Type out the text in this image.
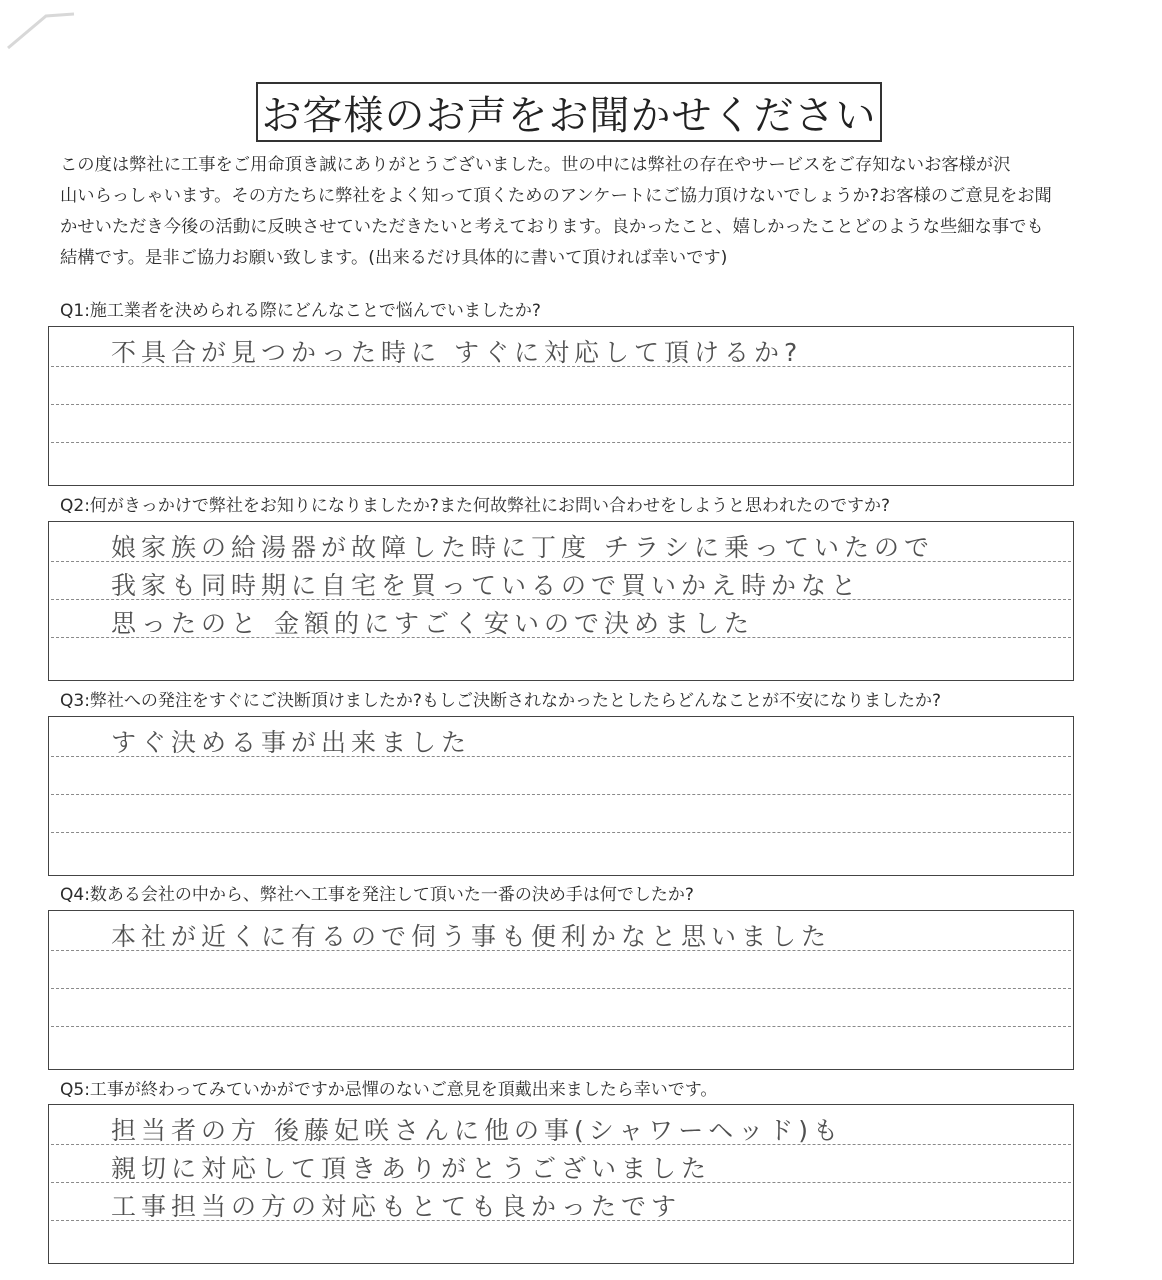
お客様のお声をお聞かせください
この度は弊社に工事をご用命頂き誠にありがとうございました。世の中には弊社の存在やサービスをご存知ないお客様が沢
山いらっしゃいます。その方たちに弊社をよく知って頂くためのアンケートにご協力頂けないでしょうか?お客様のご意見をお聞
かせいただき今後の活動に反映させていただきたいと考えております。良かったこと、嬉しかったことどのような些細な事でも
結構です。是非ご協力お願い致します。(出来るだけ具体的に書いて頂ければ幸いです)
Q1:施工業者を決められる際にどんなことで悩んでいましたか?
不具合が見つかった時に すぐに対応して頂けるか?
Q2:何がきっかけで弊社をお知りになりましたか?また何故弊社にお問い合わせをしようと思われたのですか?
娘家族の給湯器が故障した時に丁度 チラシに乗っていたので
我家も同時期に自宅を買っているので買いかえ時かなと
思ったのと 金額的にすごく安いので決めました
Q3:弊社への発注をすぐにご決断頂けましたか?もしご決断されなかったとしたらどんなことが不安になりましたか?
すぐ決める事が出来ました
Q4:数ある会社の中から、弊社へ工事を発注して頂いた一番の決め手は何でしたか?
本社が近くに有るので伺う事も便利かなと思いました
Q5:工事が終わってみていかがですか忌憚のないご意見を頂戴出来ましたら幸いです。
担当者の方 後藤妃咲さんに他の事(シャワーヘッド)も
親切に対応して頂きありがとうございました
工事担当の方の対応もとても良かったです
